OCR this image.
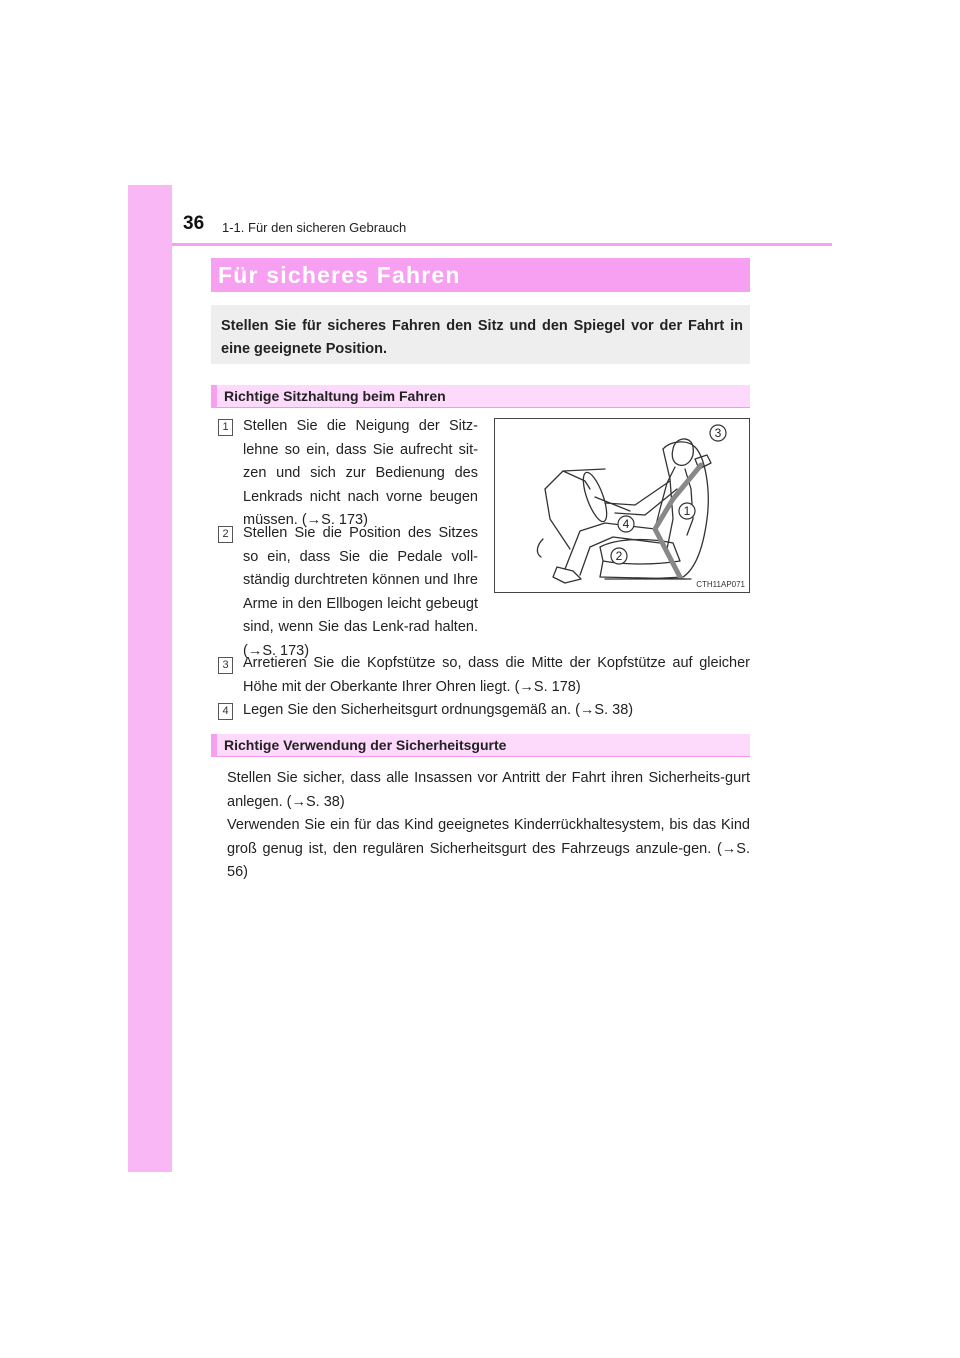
36 1-1. Für den sicheren Gebrauch
Für sicheres Fahren
Stellen Sie für sicheres Fahren den Sitz und den Spiegel vor der Fahrt in eine geeignete Position.
Richtige Sitzhaltung beim Fahren
1 Stellen Sie die Neigung der Sitz-lehne so ein, dass Sie aufrecht sit-zen und sich zur Bedienung des Lenkrads nicht nach vorne beugen müssen. (→S. 173)
2 Stellen Sie die Position des Sitzes so ein, dass Sie die Pedale voll-ständig durchtreten können und Ihre Arme in den Ellbogen leicht gebeugt sind, wenn Sie das Lenk-rad halten. (→S. 173)
3 Arretieren Sie die Kopfstütze so, dass die Mitte der Kopfstütze auf gleicher Höhe mit der Oberkante Ihrer Ohren liegt. (→S. 178)
4 Legen Sie den Sicherheitsgurt ordnungsgemäß an. (→S. 38)
3
1
4
2
CTH11AP071
Richtige Verwendung der Sicherheitsgurte
Stellen Sie sicher, dass alle Insassen vor Antritt der Fahrt ihren Sicherheits-gurt anlegen. (→S. 38)
Verwenden Sie ein für das Kind geeignetes Kinderrückhaltesystem, bis das Kind groß genug ist, den regulären Sicherheitsgurt des Fahrzeugs anzule-gen. (→S. 56)
